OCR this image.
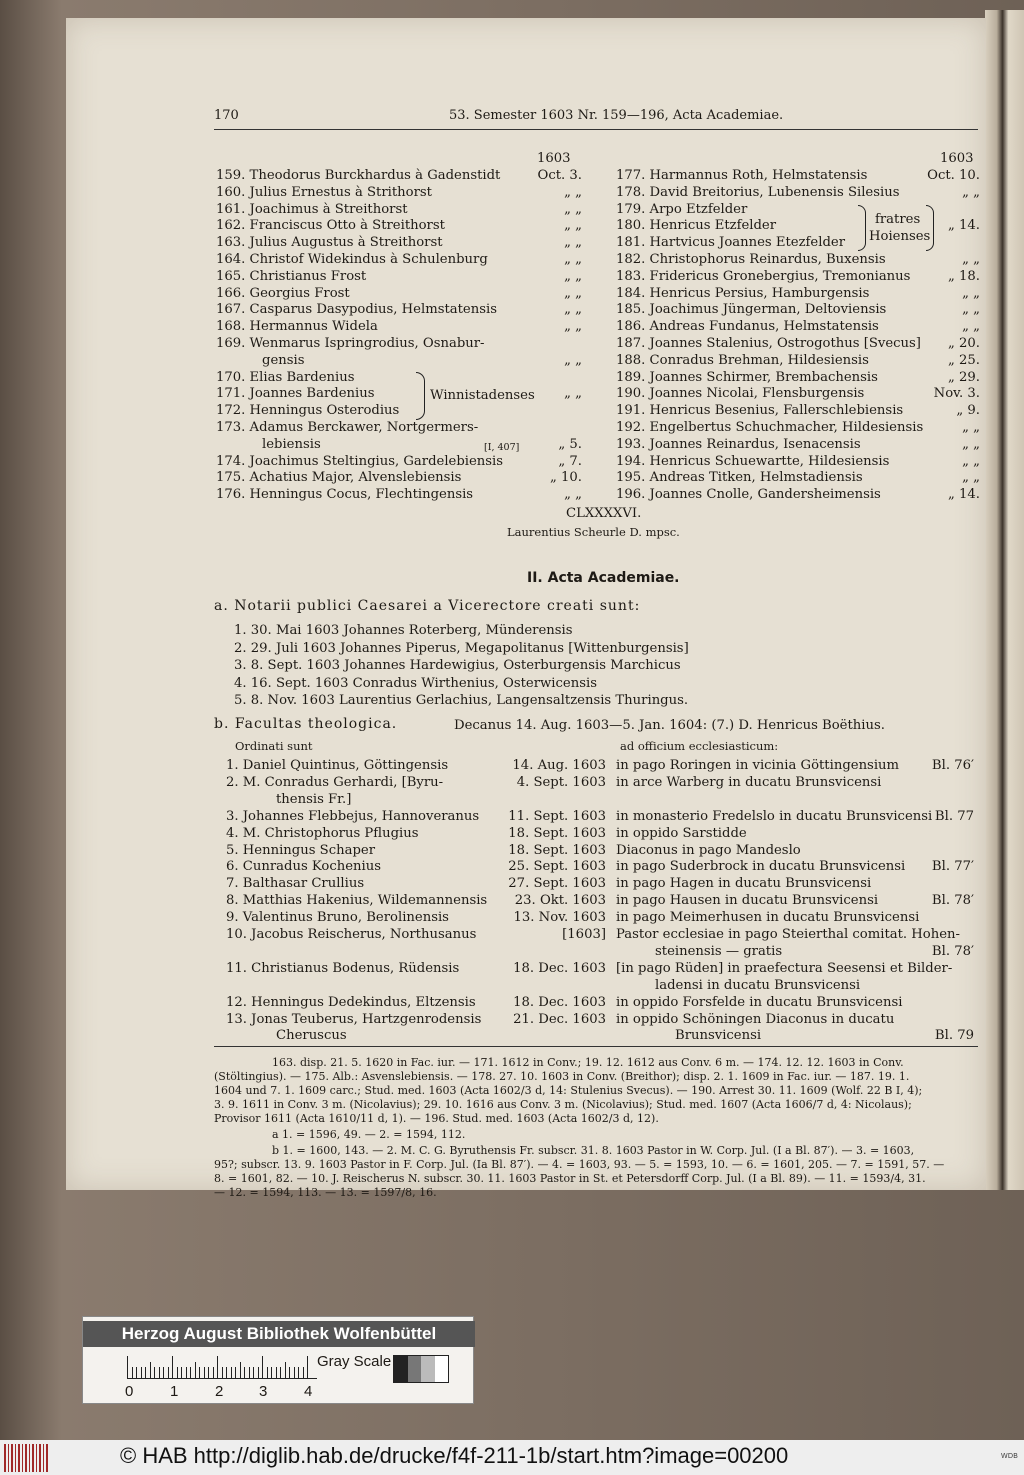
170	53. Semester 1603 Nr. 159—196, Acta Academiae.
1603	1603
159. Theodorus Burckhardus à Gadenstidt	Oct. 3.
160. Julius Ernestus à Strithorst	„ „
161. Joachimus à Streithorst	„ „
162. Franciscus Otto à Streithorst	„ „
163. Julius Augustus à Streithorst	„ „
164. Christof Widekindus à Schulenburg	„ „
165. Christianus Frost	„ „
166. Georgius Frost	„ „
167. Casparus Dasypodius, Helmstatensis	„ „
168. Hermannus Widela	„ „
169. Wenmarus Ispringrodius, Osnabur-
gensis	„ „
170. Elias Bardenius
171. Joannes Bardenius	„ „
172. Henningus Osterodius
173. Adamus Berckawer, Nortgermers-
lebiensis	„ 5.
174. Joachimus Steltingius, Gardelebiensis	„ 7.
175. Achatius Major, Alvenslebiensis	„ 10.
176. Henningus Cocus, Flechtingensis	„ „
177. Harmannus Roth, Helmstatensis	Oct. 10.
178. David Breitorius, Lubenensis Silesius	„ „
179. Arpo Etzfelder
180. Henricus Etzfelder	„ 14.
181. Hartvicus Joannes Etezfelder
182. Christophorus Reinardus, Buxensis	„ „
183. Fridericus Gronebergius, Tremonianus	„ 18.
184. Henricus Persius, Hamburgensis	„ „
185. Joachimus Jüngerman, Deltoviensis	„ „
186. Andreas Fundanus, Helmstatensis	„ „
187. Joannes Stalenius, Ostrogothus [Svecus]	„ 20.
188. Conradus Brehman, Hildesiensis	„ 25.
189. Joannes Schirmer, Brembachensis	„ 29.
190. Joannes Nicolai, Flensburgensis	Nov. 3.
191. Henricus Besenius, Fallerschlebiensis	„ 9.
192. Engelbertus Schuchmacher, Hildesiensis	„ „
193. Joannes Reinardus, Isenacensis	„ „
194. Henricus Schuewartte, Hildesiensis	„ „
195. Andreas Titken, Helmstadiensis	„ „
196. Joannes Cnolle, Gandersheimensis	„ 14.
Winnistadenses
[I, 407]
fratres
Hoienses
CLXXXXVI.
Laurentius Scheurle D. mpsc.
II. Acta Academiae.
a. Notarii publici Caesarei a Vicerectore creati sunt:
1. 30. Mai 1603 Johannes Roterberg, Münderensis
2. 29. Juli 1603 Johannes Piperus, Megapolitanus [Wittenburgensis]
3. 8. Sept. 1603 Johannes Hardewigius, Osterburgensis Marchicus
4. 16. Sept. 1603 Conradus Wirthenius, Osterwicensis
5. 8. Nov. 1603 Laurentius Gerlachius, Langensaltzensis Thuringus.
b. Facultas theologica.	Decanus 14. Aug. 1603—5. Jan. 1604: (7.) D. Henricus Boëthius.
Ordinati sunt	ad officium ecclesiasticum:
1. Daniel Quintinus, Göttingensis	14. Aug. 1603 in pago Roringen in vicinia Göttingensium	Bl. 76′
2. M. Conradus Gerhardi, [Byru-	4. Sept. 1603 in arce Warberg in ducatu Brunsvicensi
thensis Fr.]
3. Johannes Flebbejus, Hannoveranus	11. Sept. 1603 in monasterio Fredelslo in ducatu Brunsvicensi Bl. 77
4. M. Christophorus Pflugius	18. Sept. 1603 in oppido Sarstidde
5. Henningus Schaper	18. Sept. 1603 Diaconus in pago Mandeslo
6. Cunradus Kochenius	25. Sept. 1603 in pago Suderbrock in ducatu Brunsvicensi	Bl. 77′
7. Balthasar Crullius	27. Sept. 1603 in pago Hagen in ducatu Brunsvicensi
8. Matthias Hakenius, Wildemannensis	23. Okt. 1603 in pago Hausen in ducatu Brunsvicensi	Bl. 78′
9. Valentinus Bruno, Berolinensis	13. Nov. 1603 in pago Meimerhusen in ducatu Brunsvicensi
10. Jacobus Reischerus, Northusanus	[1603] Pastor ecclesiae in pago Steierthal comitat. Hohen-
steinensis — gratis	Bl. 78′
11. Christianus Bodenus, Rüdensis	18. Dec. 1603 [in pago Rüden] in praefectura Seesensi et Bilder-
ladensi in ducatu Brunsvicensi
12. Henningus Dedekindus, Eltzensis	18. Dec. 1603 in oppido Forsfelde in ducatu Brunsvicensi
13. Jonas Teuberus, Hartzgenrodensis	21. Dec. 1603 in oppido Schöningen Diaconus in ducatu
Cheruscus	Brunsvicensi	Bl. 79
163. disp. 21. 5. 1620 in Fac. iur. — 171. 1612 in Conv.; 19. 12. 1612 aus Conv. 6 m. — 174. 12. 12. 1603 in Conv.
(Stöltingius). — 175. Alb.: Asvenslebiensis. — 178. 27. 10. 1603 in Conv. (Breithor); disp. 2. 1. 1609 in Fac. iur. — 187. 19. 1.
1604 und 7. 1. 1609 carc.; Stud. med. 1603 (Acta 1602/3 d, 14: Stulenius Svecus). — 190. Arrest 30. 11. 1609 (Wolf. 22 B I, 4);
3. 9. 1611 in Conv. 3 m. (Nicolavius); 29. 10. 1616 aus Conv. 3 m. (Nicolavius); Stud. med. 1607 (Acta 1606/7 d, 4: Nicolaus);
Provisor 1611 (Acta 1610/11 d, 1). — 196. Stud. med. 1603 (Acta 1602/3 d, 12).
a 1. = 1596, 49. — 2. = 1594, 112.
b 1. = 1600, 143. — 2. M. C. G. Byruthensis Fr. subscr. 31. 8. 1603 Pastor in W. Corp. Jul. (I a Bl. 87′). — 3. = 1603,
95?; subscr. 13. 9. 1603 Pastor in F. Corp. Jul. (Ia Bl. 87′). — 4. = 1603, 93. — 5. = 1593, 10. — 6. = 1601, 205. — 7. = 1591, 57. —
8. = 1601, 82. — 10. J. Reischerus N. subscr. 30. 11. 1603 Pastor in St. et Petersdorff Corp. Jul. (I a Bl. 89). — 11. = 1593/4, 31.
— 12. = 1594, 113. — 13. = 1597/8, 16.
Herzog August Bibliothek Wolfenbüttel
Gray Scale
0 1 2 3 4
© HAB http://diglib.hab.de/drucke/f4f-211-1b/start.htm?image=00200	WDB
